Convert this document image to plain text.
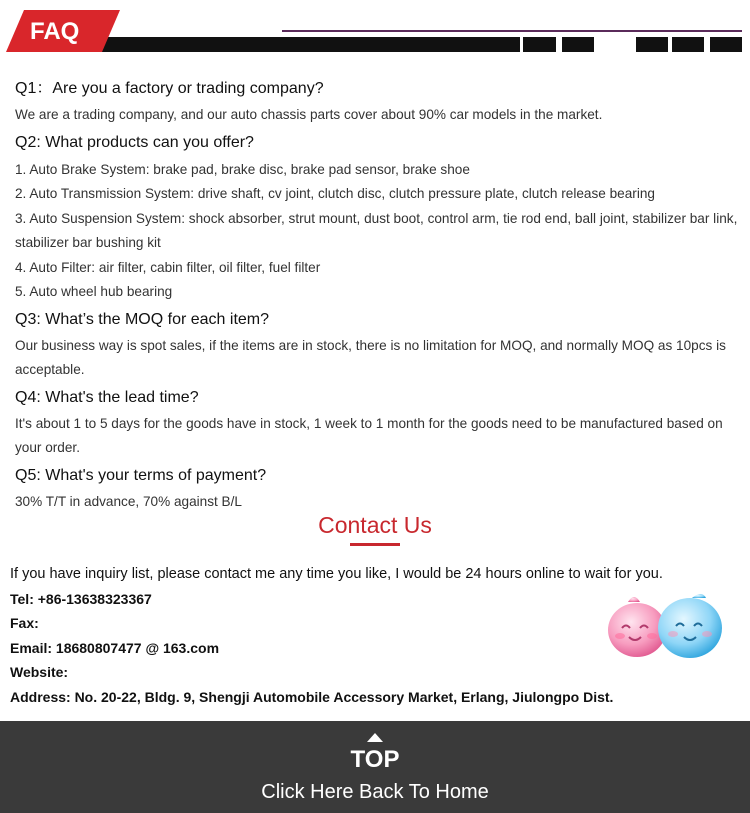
FAQ
Q1：Are you a factory or trading company?
We are a trading company, and our auto chassis parts cover about 90% car models in the market.
Q2: What products can you offer?
1. Auto Brake System: brake pad, brake disc, brake pad sensor, brake shoe
2. Auto Transmission System: drive shaft, cv joint, clutch disc, clutch pressure plate, clutch release bearing
3. Auto Suspension System: shock absorber, strut mount, dust boot, control arm, tie rod end, ball joint, stabilizer bar link, stabilizer bar bushing kit
4. Auto Filter: air filter, cabin filter, oil filter, fuel filter
5. Auto wheel hub bearing
Q3: What’s the MOQ for each item?
Our business way is spot sales, if the items are in stock, there is no limitation for MOQ, and normally MOQ as 10pcs is acceptable.
Q4: What's the lead time?
It's about 1 to 5 days for the goods have in stock, 1 week to 1 month for the goods need to be manufactured based on your order.
Q5: What's your terms of payment?
30% T/T in advance, 70% against B/L
Contact Us
If you have inquiry list, please contact me any time you like, I would be 24 hours online to wait for you.
Tel: +86-13638323367
Fax:
Email: 18680807477 @ 163.com
Website:
Address: No. 20-22, Bldg. 9, Shengji Automobile Accessory Market, Erlang, Jiulongpo Dist.
TOP
Click Here Back To Home
